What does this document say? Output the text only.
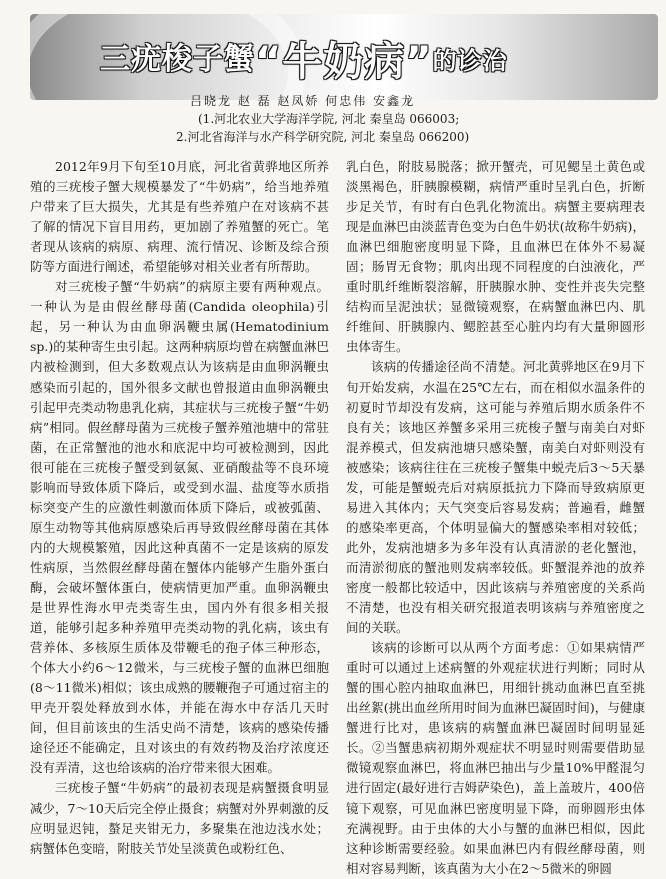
三疣梭子蟹“牛奶病”的诊治
吕晓龙 赵 磊 赵凤娇 何忠伟 安鑫龙
(1.河北农业大学海洋学院, 河北 秦皇岛 066003;
2.河北省海洋与水产科学研究院, 河北 秦皇岛 066200)

2012年9月下旬至10月底，河北省黄骅地区所养殖的三疣梭子蟹大规模暴发了“牛奶病”，给当地养殖户带来了巨大损失，尤其是有些养殖户在对该病不甚了解的情况下盲目用药，更加剧了养殖蟹的死亡。笔者现从该病的病原、病理、流行情况、诊断及综合预防等方面进行阐述，希望能够对相关业者有所帮助。

对三疣梭子蟹“牛奶病”的病原主要有两种观点。一种认为是由假丝酵母菌(Candida oleophila)引起，另一种认为由血卵涡鞭虫属(Hematodinium sp.)的某种寄生虫引起。这两种病原均曾在病蟹血淋巴内被检测到，但大多数观点认为该病是由血卵涡鞭虫感染而引起的，国外很多文献也曾报道由血卵涡鞭虫引起甲壳类动物患乳化病，其症状与三疣梭子蟹“牛奶病”相同。假丝酵母菌为三疣梭子蟹养殖池塘中的常驻菌，在正常蟹池的池水和底泥中均可被检测到，因此很可能在三疣梭子蟹受到氨氮、亚硝酸盐等不良环境影响而导致体质下降后，或受到水温、盐度等水质指标突变产生的应激性刺激而体质下降后，或被弧菌、原生动物等其他病原感染后再导致假丝酵母菌在其体内的大规模繁殖，因此这种真菌不一定是该病的原发性病原，当然假丝酵母菌在蟹体内能够产生脂外蛋白酶，会破坏蟹体蛋白，使病情更加严重。血卵涡鞭虫是世界性海水甲壳类寄生虫，国内外有很多相关报道，能够引起多种养殖甲壳类动物的乳化病，该虫有营养体、多核原生质体及带鞭毛的孢子体三种形态，个体大小约6～12微米，与三疣梭子蟹的血淋巴细胞(8～11微米)相似；该虫成熟的腰鞭孢子可通过宿主的甲壳开裂处释放到水体，并能在海水中存活几天时间，但目前该虫的生活史尚不清楚，该病的感染传播途径还不能确定，且对该虫的有效药物及治疗浓度还没有弄清，这也给该病的治疗带来很大困难。

三疣梭子蟹“牛奶病”的最初表现是病蟹摄食明显减少，7～10天后完全停止摄食；病蟹对外界刺激的反应明显迟钝，螯足夹钳无力，多聚集在池边浅水处；病蟹体色变暗，附肢关节处呈淡黄色或粉红色、

乳白色，附肢易脱落；掀开蟹壳，可见鳃呈土黄色或淡黑褐色，肝胰腺模糊，病情严重时呈乳白色，折断步足关节，有时有白色乳化物流出。病蟹主要病理表现是血淋巴由淡蓝青色变为白色牛奶状(故称牛奶病)，血淋巴细胞密度明显下降，且血淋巴在体外不易凝固；肠胃无食物；肌肉出现不同程度的白浊液化，严重时肌纤维断裂溶解，肝胰腺水肿、变性并丧失完整结构而呈泥浊状；显微镜观察，在病蟹血淋巴内、肌纤维间、肝胰腺内、鳃腔甚至心脏内均有大量卵圆形虫体寄生。

该病的传播途径尚不清楚。河北黄骅地区在9月下旬开始发病，水温在25℃左右，而在相似水温条件的初夏时节却没有发病，这可能与养殖后期水质条件不良有关；该地区养蟹多采用三疣梭子蟹与南美白对虾混养模式，但发病池塘只感染蟹，南美白对虾则没有被感染；该病往往在三疣梭子蟹集中蜕壳后3～5天暴发，可能是蟹蜕壳后对病原抵抗力下降而导致病原更易进入其体内；天气突变后容易发病；普遍看，雌蟹的感染率更高，个体明显偏大的蟹感染率相对较低；此外，发病池塘多为多年没有认真清淤的老化蟹池，而清淤彻底的蟹池则发病率较低。虾蟹混养池的放养密度一般都比较适中，因此该病与养殖密度的关系尚不清楚，也没有相关研究报道表明该病与养殖密度之间的关联。

该病的诊断可以从两个方面考虑：①如果病情严重时可以通过上述病蟹的外观症状进行判断；同时从蟹的围心腔内抽取血淋巴，用细针挑动血淋巴直至挑出丝絮(挑出血丝所用时间为血淋巴凝固时间)，与健康蟹进行比对，患该病的病蟹血淋巴凝固时间明显延长。②当蟹患病初期外观症状不明显时则需要借助显微镜观察血淋巴，将血淋巴抽出与少量10%甲醛混匀进行固定(最好进行吉姆萨染色)，盖上盖玻片，400倍镜下观察，可见血淋巴密度明显下降，而卵圆形虫体充满视野。由于虫体的大小与蟹的血淋巴相似，因此这种诊断需要经验。如果血淋巴内有假丝酵母菌，则相对容易判断，该真菌为大小在2～5微米的卵圆
